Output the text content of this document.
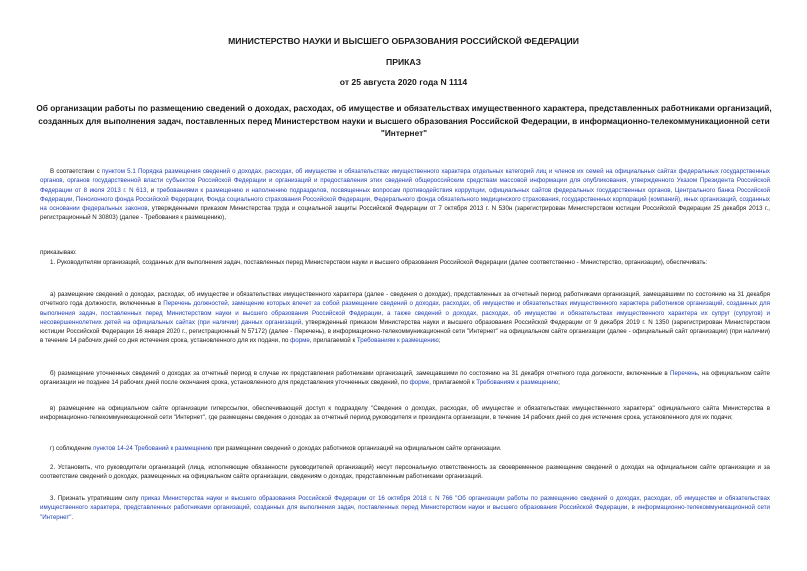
МИНИСТЕРСТВО НАУКИ И ВЫСШЕГО ОБРАЗОВАНИЯ РОССИЙСКОЙ ФЕДЕРАЦИИ
ПРИКАЗ
от 25 августа 2020 года N 1114
Об организации работы по размещению сведений о доходах, расходах, об имуществе и обязательствах имущественного характера, представленных работниками организаций, созданных для выполнения задач, поставленных перед Министерством науки и высшего образования Российской Федерации, в информационно-телекоммуникационной сети "Интернет"
В соответствии с пунктом 5.1 Порядка размещения сведений о доходах, расходах, об имуществе и обязательствах имущественного характера отдельных категорий лиц и членов их семей на официальных сайтах федеральных государственных органов, органов государственной власти субъектов Российской Федерации и организаций и предоставления этих сведений общероссийским средствам массовой информации для опубликования, утвержденного Указом Президента Российской Федерации от 8 июля 2013 г. N 613, и требованиями к размещению и наполнению подразделов, посвященных вопросам противодействия коррупции, официальных сайтов федеральных государственных органов, Центрального банка Российской Федерации, Пенсионного фонда Российской Федерации, Фонда социального страхования Российской Федерации, Федерального фонда обязательного медицинского страхования, государственных корпораций (компаний), иных организаций, созданных на основании федеральных законов, утвержденными приказом Министерства труда и социальной защиты Российской Федерации от 7 октября 2013 г. N 530н (зарегистрирован Министерством юстиции Российской Федерации 25 декабря 2013 г., регистрационный N 30803) (далее - Требования к размещению),
приказываю:
1. Руководителям организаций, созданных для выполнения задач, поставленных перед Министерством науки и высшего образования Российской Федерации (далее соответственно - Министерство, организации), обеспечивать:
а) размещение сведений о доходах, расходах, об имуществе и обязательствах имущественного характера (далее - сведения о доходах), представленных за отчетный период работниками организаций, замещавшими по состоянию на 31 декабря отчетного года должности, включенные в Перечень должностей, замещение которых влечет за собой размещение сведений о доходах, расходах, об имуществе и обязательствах имущественного характера работников организаций, созданных для выполнения задач, поставленных перед Министерством науки и высшего образования Российской Федерации, а также сведений о доходах, расходах, об имуществе и обязательствах имущественного характера их супруг (супругов) и несовершеннолетних детей на официальных сайтах (при наличии) данных организаций, утвержденный приказом Министерства науки и высшего образования Российской Федерации от 9 декабря 2019 г. N 1350 (зарегистрирован Министерством юстиции Российской Федерации 16 января 2020 г., регистрационный N 57172) (далее - Перечень), в информационно-телекоммуникационной сети "Интернет" на официальном сайте организации (далее - официальный сайт организации) (при наличии) в течение 14 рабочих дней со дня истечения срока, установленного для их подачи, по форме, прилагаемой к Требованиям к размещению;
б) размещение уточненных сведений о доходах за отчетный период в случае их представления работниками организаций, замещавшими по состоянию на 31 декабря отчетного года должности, включенные в Перечень, на официальном сайте организации не позднее 14 рабочих дней после окончания срока, установленного для представления уточненных сведений, по форме, прилагаемой к Требованиям к размещению;
в) размещение на официальном сайте организации гиперссылки, обеспечивающей доступ к подразделу "Сведения о доходах, расходах, об имуществе и обязательствах имущественного характера" официального сайта Министерства в информационно-телекоммуникационной сети "Интернет", где размещены сведения о доходах за отчетный период руководителя и президента организации, в течение 14 рабочих дней со дня истечения срока, установленного для их подачи;
г) соблюдение пунктов 14-24 Требований к размещению при размещении сведений о доходах работников организаций на официальном сайте организации.
2. Установить, что руководители организаций (лица, исполняющие обязанности руководителей организаций) несут персональную ответственность за своевременное размещение сведений о доходах на официальном сайте организации и за соответствие сведений о доходах, размещенных на официальном сайте организации, сведениям о доходах, представленным работниками организаций.
3. Признать утратившим силу приказ Министерства науки и высшего образования Российской Федерации от 16 октября 2018 г. N 766 "Об организации работы по размещению сведений о доходах, расходах, об имуществе и обязательствах имущественного характера, представленных работниками организаций, созданных для выполнения задач, поставленных перед Министерством науки и высшего образования Российской Федерации, в информационно-телекоммуникационной сети "Интернет".
